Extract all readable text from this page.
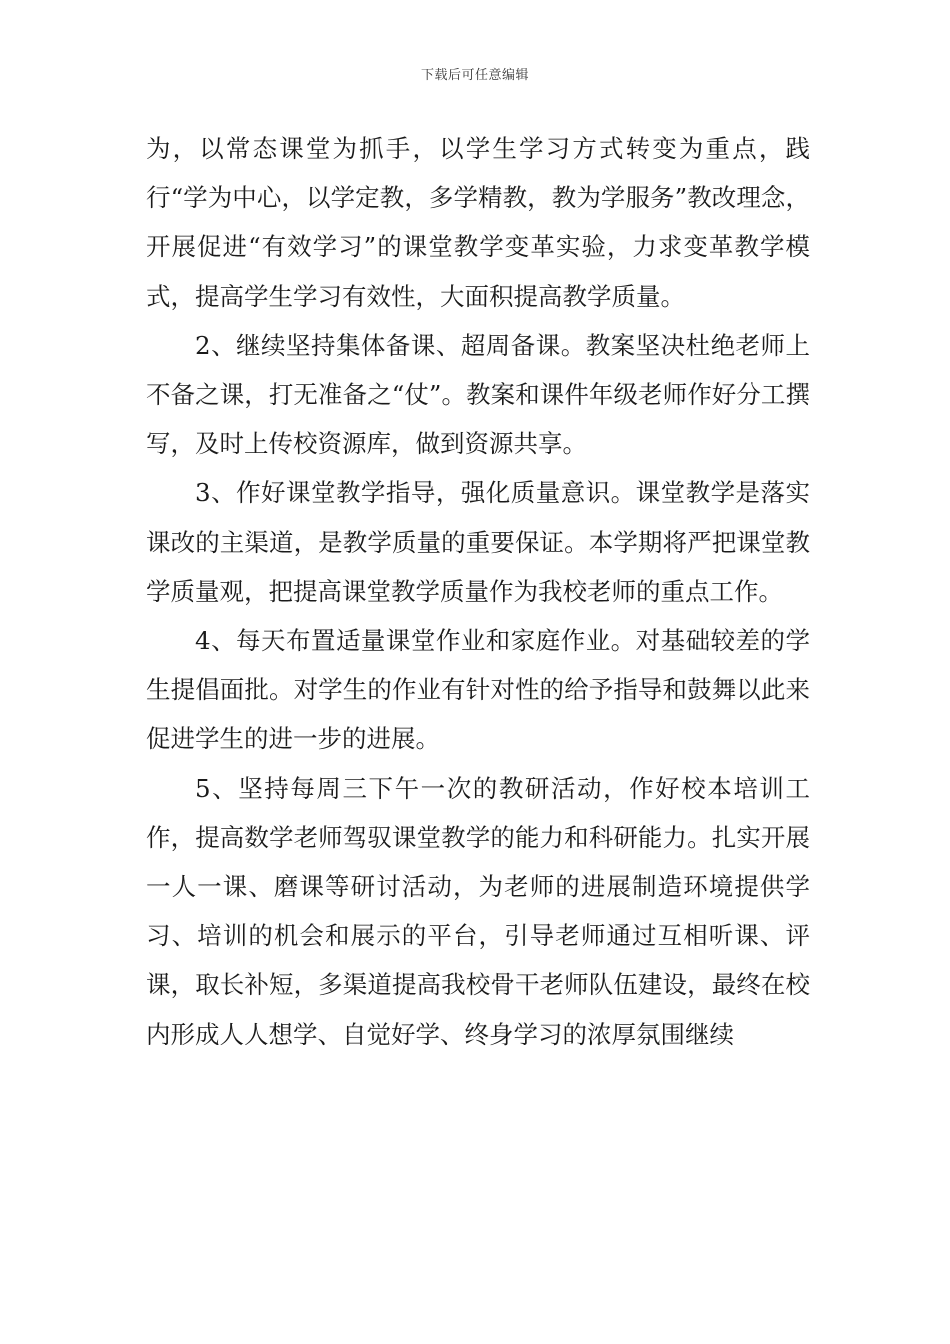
下载后可任意编辑

为，以常态课堂为抓手，以学生学习方式转变为重点，践行“学为中心，以学定教，多学精教，教为学服务”教改理念，开展促进“有效学习”的课堂教学变革实验，力求变革教学模式，提高学生学习有效性，大面积提高教学质量。

2、继续坚持集体备课、超周备课。教案坚决杜绝老师上不备之课，打无准备之“仗”。教案和课件年级老师作好分工撰写，及时上传校资源库，做到资源共享。

3、作好课堂教学指导，强化质量意识。课堂教学是落实课改的主渠道，是教学质量的重要保证。本学期将严把课堂教学质量观，把提高课堂教学质量作为我校老师的重点工作。

4、每天布置适量课堂作业和家庭作业。对基础较差的学生提倡面批。对学生的作业有针对性的给予指导和鼓舞以此来促进学生的进一步的进展。

5、坚持每周三下午一次的教研活动，作好校本培训工作，提高数学老师驾驭课堂教学的能力和科研能力。扎实开展一人一课、磨课等研讨活动，为老师的进展制造环境提供学习、培训的机会和展示的平台，引导老师通过互相听课、评课，取长补短，多渠道提高我校骨干老师队伍建设，最终在校内形成人人想学、自觉好学、终身学习的浓厚氛围继续
